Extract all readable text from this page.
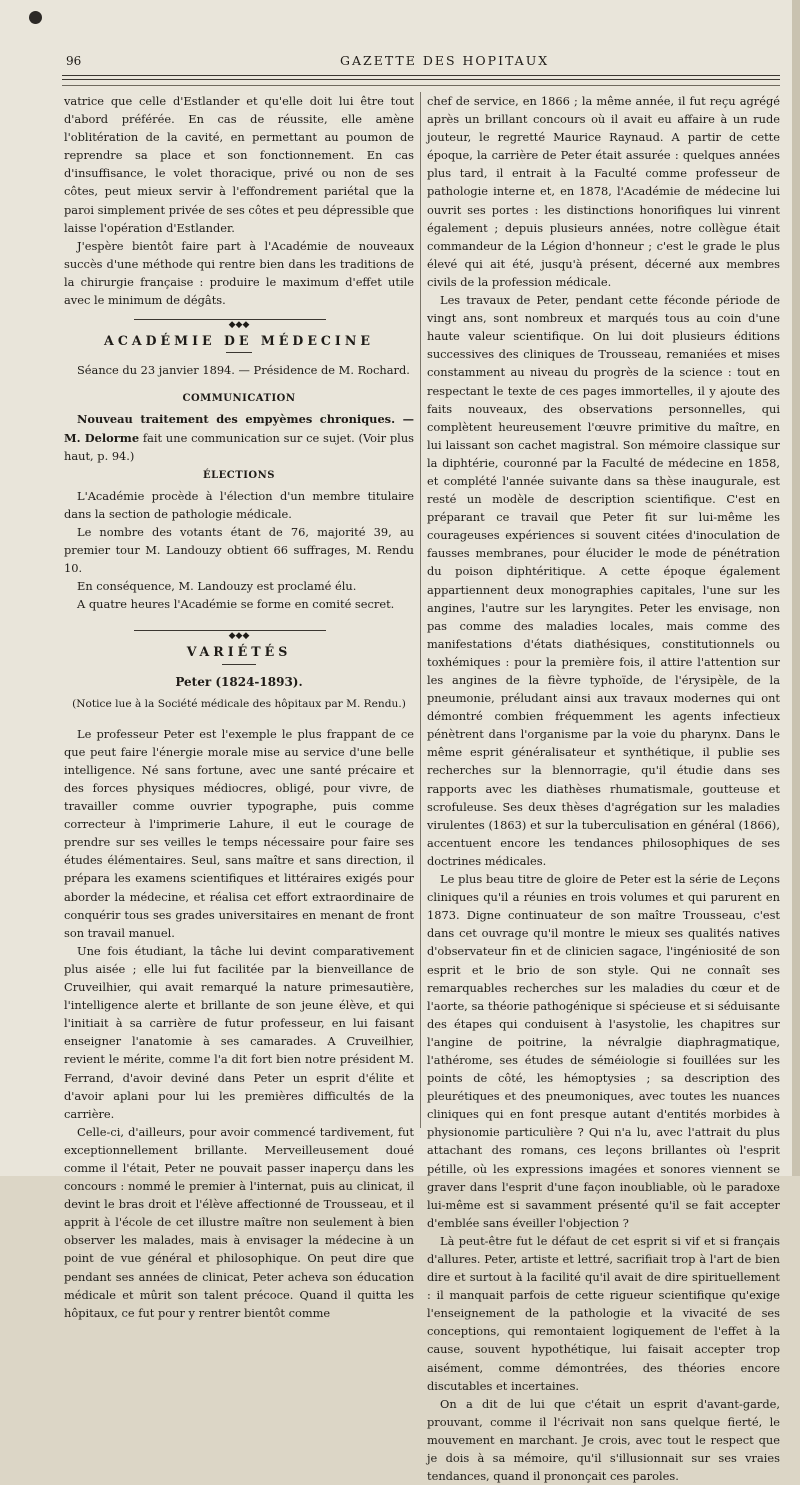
96	GAZETTE DES HOPITAUX

vatrice que celle d'Estlander et qu'elle doit lui être tout d'abord préférée. En cas de réussite, elle amène l'oblitération de la cavité, en permettant au poumon de reprendre sa place et son fonctionnement. En cas d'insuffisance, le volet thoracique, privé ou non de ses côtes, peut mieux servir à l'effondrement pariétal que la paroi simplement privée de ses côtes et peu dépressible que laisse l'opération d'Estlander.

J'espère bientôt faire part à l'Académie de nouveaux succès d'une méthode qui rentre bien dans les traditions de la chirurgie française : produire le maximum d'effet utile avec le minimum de dégâts.

◆◆◆
ACADÉMIE DE MÉDECINE

Séance du 23 janvier 1894. — Présidence de M. Rochard.

COMMUNICATION

Nouveau traitement des empyèmes chroniques. — M. Delorme fait une communication sur ce sujet. (Voir plus haut, p. 94.)

ÉLECTIONS

L'Académie procède à l'élection d'un membre titulaire dans la section de pathologie médicale.

Le nombre des votants étant de 76, majorité 39, au premier tour M. Landouzy obtient 66 suffrages, M. Rendu 10.

En conséquence, M. Landouzy est proclamé élu.

A quatre heures l'Académie se forme en comité secret.

◆◆◆
VARIÉTÉS
Peter (1824-1893).
(Notice lue à la Société médicale des hôpitaux par M. Rendu.)

Le professeur Peter est l'exemple le plus frappant de ce que peut faire l'énergie morale mise au service d'une belle intelligence. Né sans fortune, avec une santé précaire et des forces physiques médiocres, obligé, pour vivre, de travailler comme ouvrier typographe, puis comme correcteur à l'imprimerie Lahure, il eut le courage de prendre sur ses veilles le temps nécessaire pour faire ses études élémentaires. Seul, sans maître et sans direction, il prépara les examens scientifiques et littéraires exigés pour aborder la médecine, et réalisa cet effort extraordinaire de conquérir tous ses grades universitaires en menant de front son travail manuel.

Une fois étudiant, la tâche lui devint comparativement plus aisée ; elle lui fut facilitée par la bienveillance de Cruveilhier, qui avait remarqué la nature primesautière, l'intelligence alerte et brillante de son jeune élève, et qui l'initiait à sa carrière de futur professeur, en lui faisant enseigner l'anatomie à ses camarades. A Cruveilhier, revient le mérite, comme l'a dit fort bien notre président M. Ferrand, d'avoir deviné dans Peter un esprit d'élite et d'avoir aplani pour lui les premières difficultés de la carrière.

Celle-ci, d'ailleurs, pour avoir commencé tardivement, fut exceptionnellement brillante. Merveilleusement doué comme il l'était, Peter ne pouvait passer inaperçu dans les concours : nommé le premier à l'internat, puis au clinicat, il devint le bras droit et l'élève affectionné de Trousseau, et il apprit à l'école de cet illustre maître non seulement à bien observer les malades, mais à envisager la médecine à un point de vue général et philosophique. On peut dire que pendant ses années de clinicat, Peter acheva son éducation médicale et mûrit son talent précoce. Quand il quitta les hôpitaux, ce fut pour y rentrer bientôt comme

chef de service, en 1866 ; la même année, il fut reçu agrégé après un brillant concours où il avait eu affaire à un rude jouteur, le regretté Maurice Raynaud. A partir de cette époque, la carrière de Peter était assurée : quelques années plus tard, il entrait à la Faculté comme professeur de pathologie interne et, en 1878, l'Académie de médecine lui ouvrit ses portes : les distinctions honorifiques lui vinrent également ; depuis plusieurs années, notre collègue était commandeur de la Légion d'honneur ; c'est le grade le plus élevé qui ait été, jusqu'à présent, décerné aux membres civils de la profession médicale.

Les travaux de Peter, pendant cette féconde période de vingt ans, sont nombreux et marqués tous au coin d'une haute valeur scientifique. On lui doit plusieurs éditions successives des cliniques de Trousseau, remaniées et mises constamment au niveau du progrès de la science : tout en respectant le texte de ces pages immortelles, il y ajoute des faits nouveaux, des observations personnelles, qui complètent heureusement l'œuvre primitive du maître, en lui laissant son cachet magistral. Son mémoire classique sur la diphtérie, couronné par la Faculté de médecine en 1858, et complété l'année suivante dans sa thèse inaugurale, est resté un modèle de description scientifique. C'est en préparant ce travail que Peter fit sur lui-même les courageuses expériences si souvent citées d'inoculation de fausses membranes, pour élucider le mode de pénétration du poison diphtéritique. A cette époque également appartiennent deux monographies capitales, l'une sur les angines, l'autre sur les laryngites. Peter les envisage, non pas comme des maladies locales, mais comme des manifestations d'états diathésiques, constitutionnels ou toxhémiques : pour la première fois, il attire l'attention sur les angines de la fièvre typhoïde, de l'érysipèle, de la pneumonie, préludant ainsi aux travaux modernes qui ont démontré combien fréquemment les agents infectieux pénètrent dans l'organisme par la voie du pharynx. Dans le même esprit généralisateur et synthétique, il publie ses recherches sur la blennorragie, qu'il étudie dans ses rapports avec les diathèses rhumatismale, goutteuse et scrofuleuse. Ses deux thèses d'agrégation sur les maladies virulentes (1863) et sur la tuberculisation en général (1866), accentuent encore les tendances philosophiques de ses doctrines médicales.

Le plus beau titre de gloire de Peter est la série de Leçons cliniques qu'il a réunies en trois volumes et qui parurent en 1873. Digne continuateur de son maître Trousseau, c'est dans cet ouvrage qu'il montre le mieux ses qualités natives d'observateur fin et de clinicien sagace, l'ingéniosité de son esprit et le brio de son style. Qui ne connaît ses remarquables recherches sur les maladies du cœur et de l'aorte, sa théorie pathogénique si spécieuse et si séduisante des étapes qui conduisent à l'asystolie, les chapitres sur l'angine de poitrine, la névralgie diaphragmatique, l'athérome, ses études de séméiologie si fouillées sur les points de côté, les hémoptysies ; sa description des pleurétiques et des pneumoniques, avec toutes les nuances cliniques qui en font presque autant d'entités morbides à physionomie particulière ? Qui n'a lu, avec l'attrait du plus attachant des romans, ces leçons brillantes où l'esprit pétille, où les expressions imagées et sonores viennent se graver dans l'esprit d'une façon inoubliable, où le paradoxe lui-même est si savamment présenté qu'il se fait accepter d'emblée sans éveiller l'objection ?

Là peut-être fut le défaut de cet esprit si vif et si français d'allures. Peter, artiste et lettré, sacrifiait trop à l'art de bien dire et surtout à la facilité qu'il avait de dire spirituellement : il manquait parfois de cette rigueur scientifique qu'exige l'enseignement de la pathologie et la vivacité de ses conceptions, qui remontaient logiquement de l'effet à la cause, souvent hypothétique, lui faisait accepter trop aisément, comme démontrées, des théories encore discutables et incertaines.

On a dit de lui que c'était un esprit d'avant-garde, prouvant, comme il l'écrivait non sans quelque fierté, le mouvement en marchant. Je crois, avec tout le respect que je dois à sa mémoire, qu'il s'illusionnait sur ses vraies tendances, quand il prononçait ces paroles.
